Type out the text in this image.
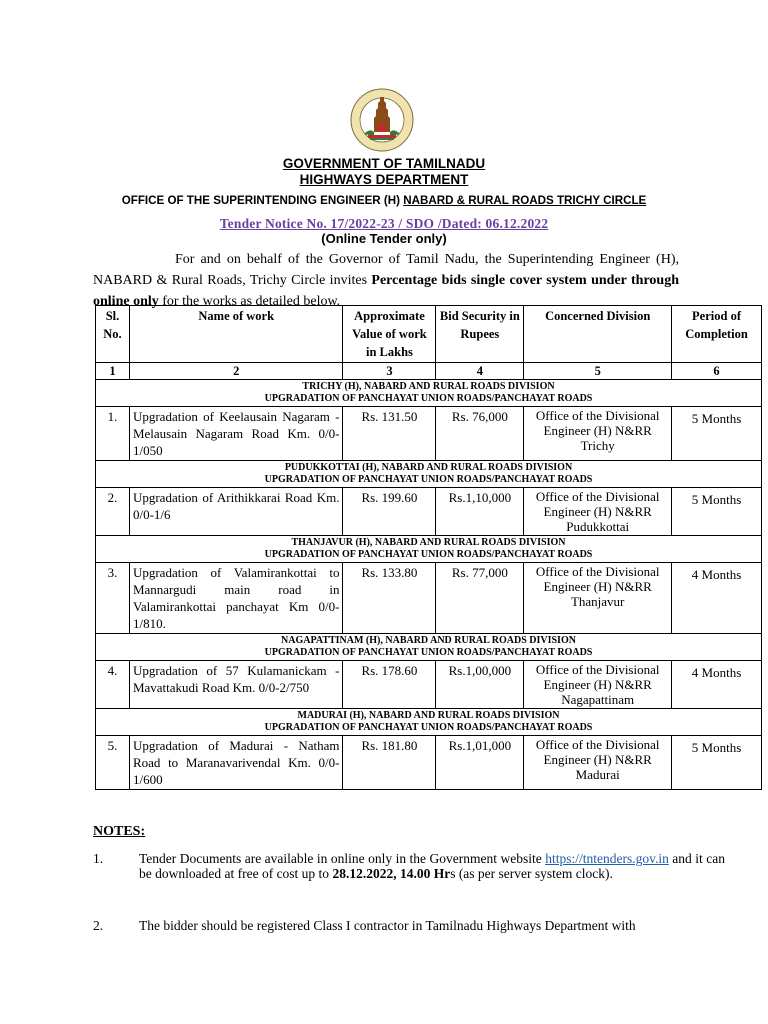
GOVERNMENT OF TAMILNADU
HIGHWAYS DEPARTMENT
OFFICE OF THE SUPERINTENDING ENGINEER (H) NABARD & RURAL ROADS TRICHY CIRCLE
Tender Notice No. 17/2022-23 / SDO /Dated: 06.12.2022
(Online Tender only)
For and on behalf of the Governor of Tamil Nadu, the Superintending Engineer (H), NABARD & Rural Roads, Trichy Circle invites Percentage bids single cover system under through online only for the works as detailed below.
Sl. No.	Name of work	Approximate Value of work in Lakhs	Bid Security in Rupees	Concerned Division	Period of Completion
1	2	3	4	5	6
TRICHY (H), NABARD AND RURAL ROADS DIVISION
UPGRADATION OF PANCHAYAT UNION ROADS/PANCHAYAT ROADS					
1.	Upgradation of Keelausain Nagaram - Melausain Nagaram Road Km. 0/0-1/050	Rs. 131.50	Rs. 76,000	Office of the Divisional Engineer (H) N&RR Trichy	5 Months
PUDUKKOTTAI (H), NABARD AND RURAL ROADS DIVISION
UPGRADATION OF PANCHAYAT UNION ROADS/PANCHAYAT ROADS					
2.	Upgradation of Arithikkarai Road Km. 0/0-1/6	Rs. 199.60	Rs.1,10,000	Office of the Divisional Engineer (H) N&RR Pudukkottai	5 Months
THANJAVUR (H), NABARD AND RURAL ROADS DIVISION
UPGRADATION OF PANCHAYAT UNION ROADS/PANCHAYAT ROADS					
3.	Upgradation of Valamirankottai to Mannargudi main road in Valamirankottai panchayat Km 0/0-1/810.	Rs. 133.80	Rs. 77,000	Office of the Divisional Engineer (H) N&RR Thanjavur	4 Months
NAGAPATTINAM (H), NABARD AND RURAL ROADS DIVISION
UPGRADATION OF PANCHAYAT UNION ROADS/PANCHAYAT ROADS					
4.	Upgradation of 57 Kulamanickam - Mavattakudi Road Km. 0/0-2/750	Rs. 178.60	Rs.1,00,000	Office of the Divisional Engineer (H) N&RR Nagapattinam	4 Months
MADURAI (H), NABARD AND RURAL ROADS DIVISION
UPGRADATION OF PANCHAYAT UNION ROADS/PANCHAYAT ROADS					
5.	Upgradation of Madurai - Natham Road to Maranavarivendal Km. 0/0-1/600	Rs. 181.80	Rs.1,01,000	Office of the Divisional Engineer (H) N&RR Madurai	5 Months
NOTES:
1.	Tender Documents are available in online only in the Government website https://tntenders.gov.in and it can be downloaded at free of cost up to 28.12.2022, 14.00 Hrs (as per server system clock).
2.	The bidder should be registered Class I contractor in Tamilnadu Highways Department with
